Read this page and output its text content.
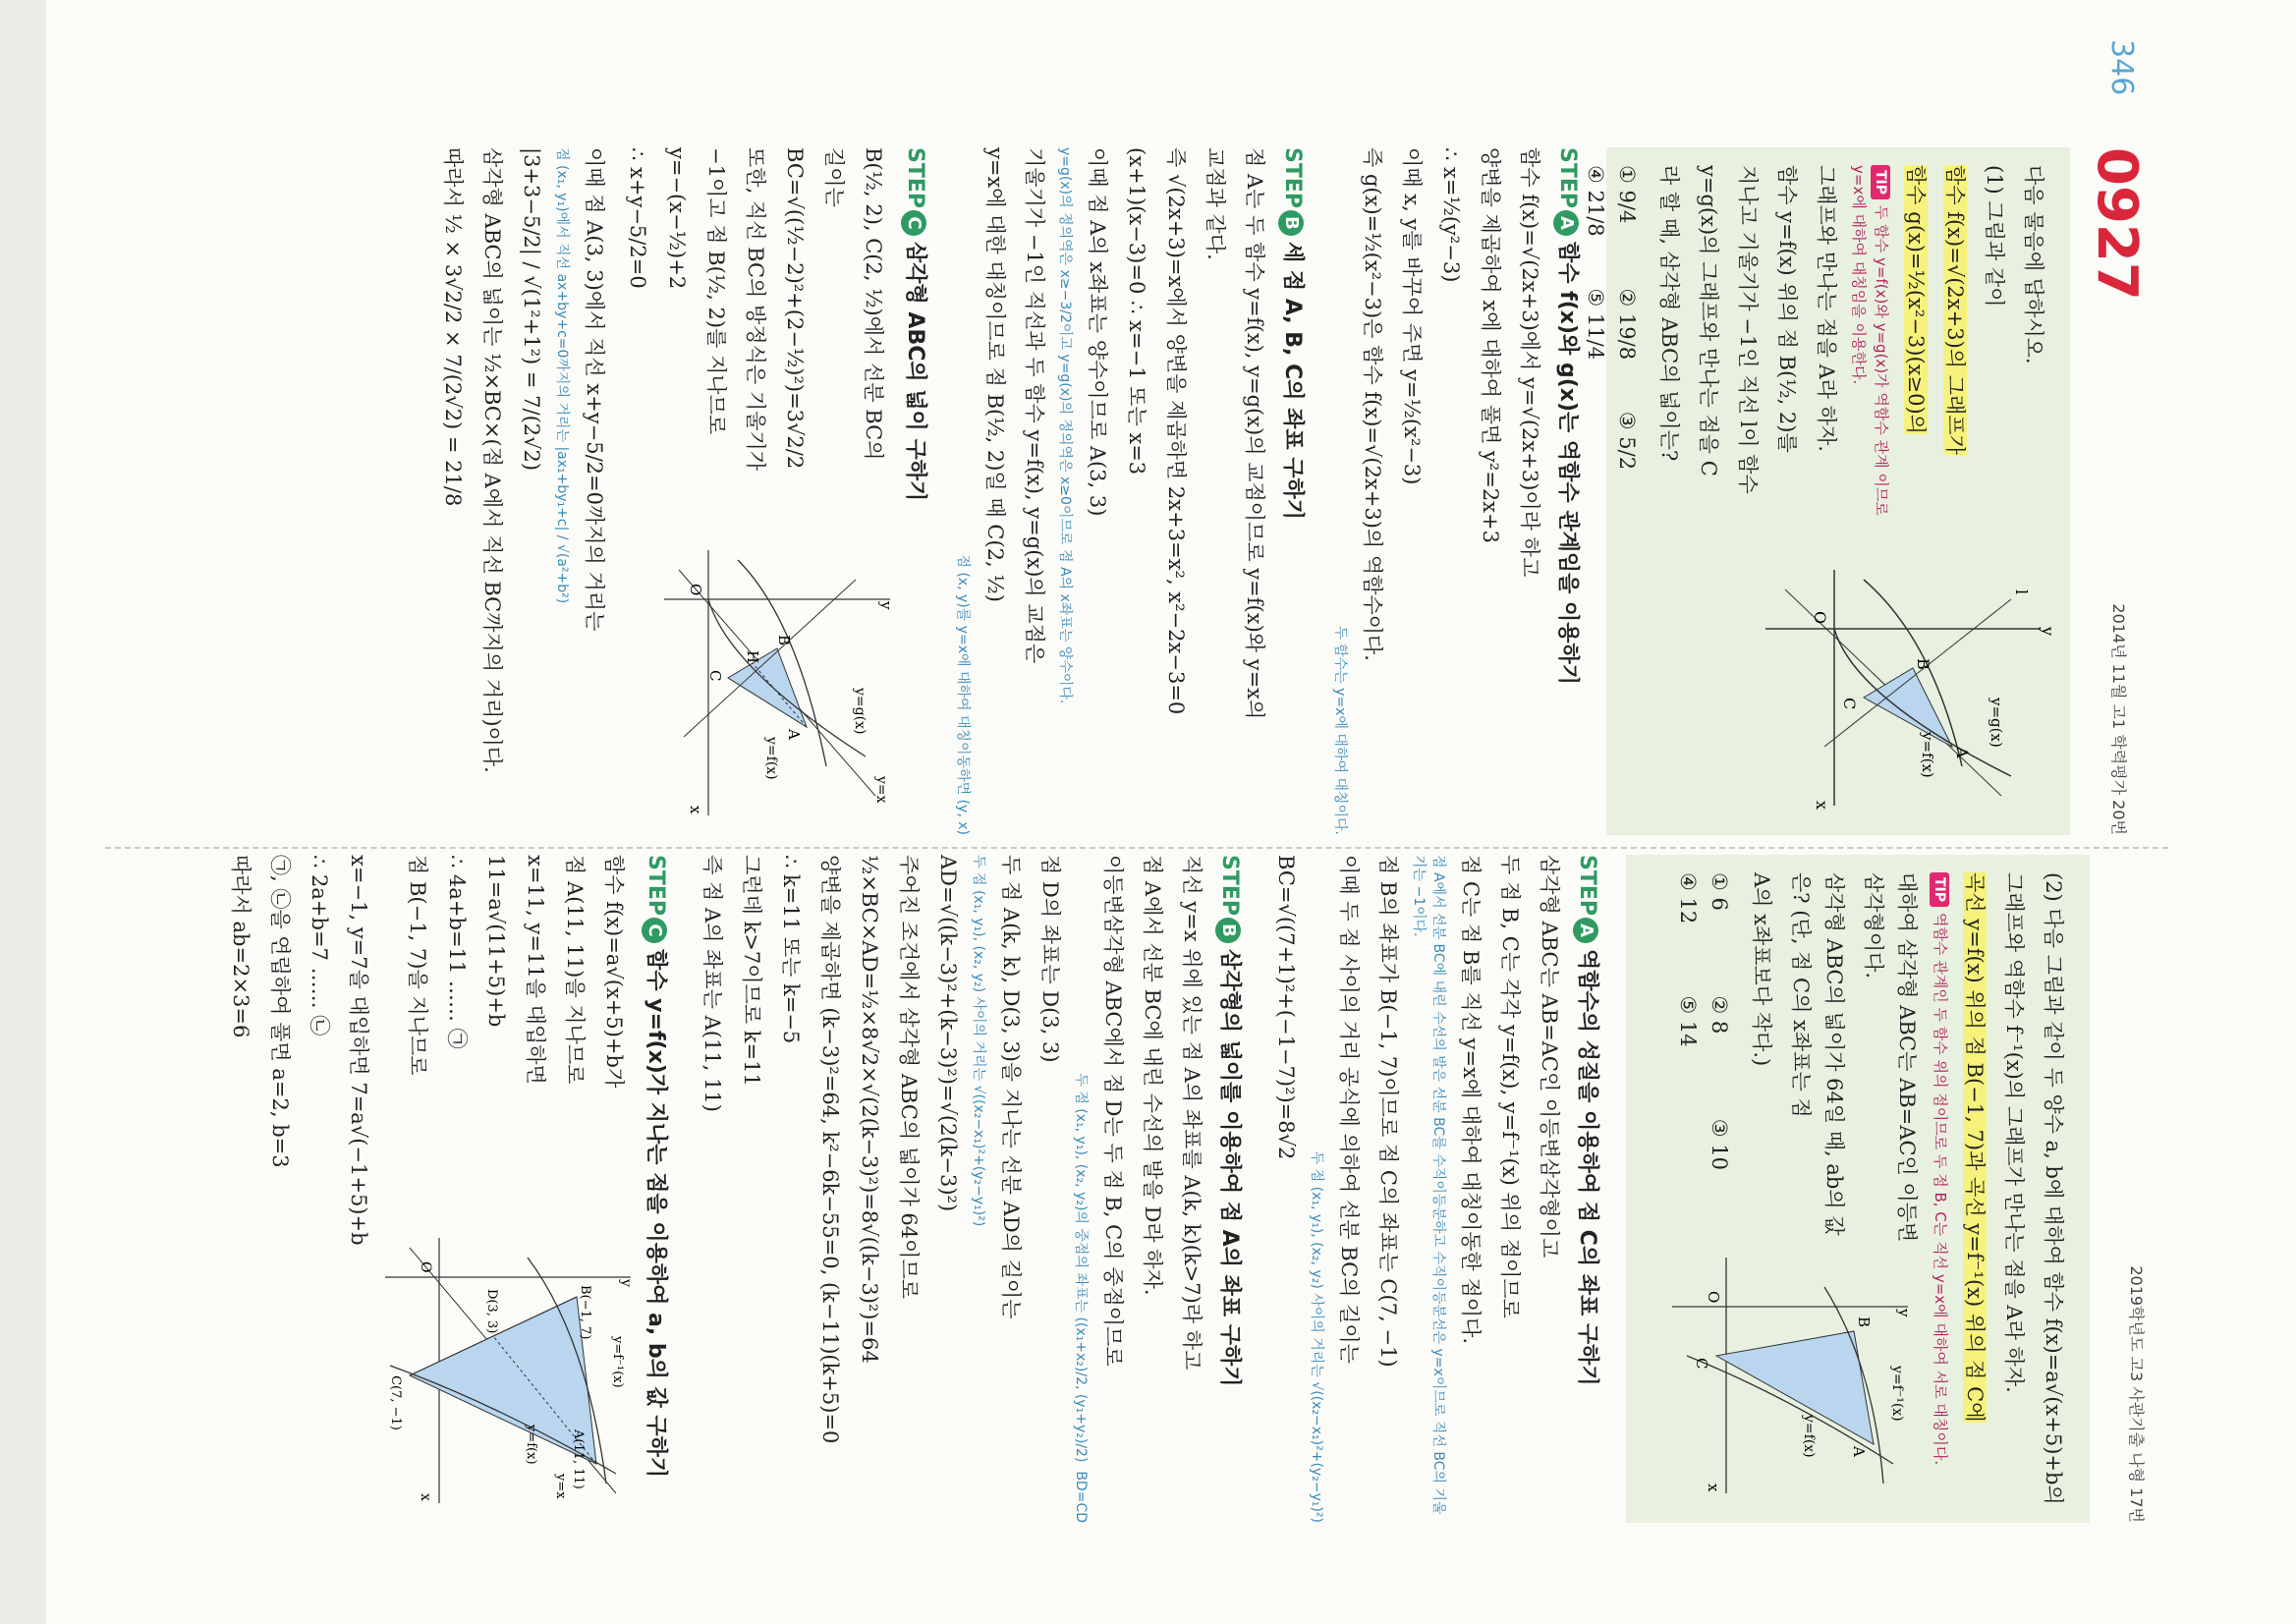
346
0927
2014년 11월 고1 학력평가 20번

다음 물음에 답하시오.

(1) 그림과 같이

함수 f(x)=√(2x+3)의 그래프가

함수 g(x)=½(x²−3)(x≥0)의

TIP두 함수 y=f(x)와 y=g(x)가 역함수 관계 이므로 y=x에 대하여 대칭임을 이용한다.

그래프와 만나는 점을 A라 하자.

함수 y=f(x) 위의 점 B(½, 2)를

지나고 기울기가 −1인 직선 l이 함수

y=g(x)의 그래프와 만나는 점을 C

라 할 때, 삼각형 ABC의 넓이는?

① 9/4
② 19/8
③ 5/2
④ 21/8
⑤ 11/4
y
x
O
l
A
B
C	y=g(x)
y=f(x)
STEPA함수 f(x)와 g(x)는 역함수 관계임을 이용하기

함수 f(x)=√(2x+3)에서 y=√(2x+3)이라 하고

양변을 제곱하여 x에 대하여 풀면 y²=2x+3

∴ x=½(y²−3)

이때 x, y를 바꾸어 주면 y=½(x²−3)

즉 g(x)=½(x²−3)은 함수 f(x)=√(2x+3)의 역함수이다.

두 함수는 y=x에 대하여 대칭이다.
STEPB세 점 A, B, C의 좌표 구하기

점 A는 두 함수 y=f(x), y=g(x)의 교점이므로 y=f(x)와 y=x의

교점과 같다.

즉 √(2x+3)=x에서 양변을 제곱하면 2x+3=x², x²−2x−3=0

(x+1)(x−3)=0 ∴ x=−1 또는 x=3

이때 점 A의 x좌표는 양수이므로 A(3, 3)

y=g(x)의 정의역은 x≥−3/2이고 y=g(x)의 정의역은 x≥0이므로 점 A의 x좌표는 양수이다.

기울기가 −1인 직선과 두 함수 y=f(x), y=g(x)의 교점은

y=x에 대한 대칭이므로 점 B(½, 2)일 때 C(2, ½)

점 (x, y)를 y=x에 대하여 대칭이동하면 (y, x)
STEPC삼각형 ABC의 넓이 구하기

B(½, 2), C(2, ½)에서 선분 BC의

길이는

BC=√((½−2)²+(2−½)²)=3√2/2

또한, 직선 BC의 방정식은 기울기가

−1이고 점 B(½, 2)를 지나므로

y=−(x−½)+2

∴ x+y−5/2=0

y
x
O
A
B
C
H
y=g(x)
y=f(x)
y=x

이때 점 A(3, 3)에서 직선 x+y−5/2=0까지의 거리는

점 (x₁, y₁)에서 직선 ax+by+c=0까지의 거리는 |ax₁+by₁+c| / √(a²+b²)

|3+3−5/2| / √(1²+1²) = 7/(2√2)

삼각형 ABC의 넓이는 ½×BC×(점 A에서 직선 BC까지의 거리)이다.

따라서 ½ × 3√2/2 × 7/(2√2) = 21/8

2019학년도 고3 사관기출 나형 17번

(2) 다음 그림과 같이 두 양수 a, b에 대하여 함수 f(x)=a√(x+5)+b의

그래프와 역함수 f⁻¹(x)의 그래프가 만나는 점을 A라 하자.

곡선 y=f(x) 위의 점 B(−1, 7)과 곡선 y=f⁻¹(x) 위의 점 C에

TIP역함수 관계인 두 함수 위의 점이므로 두 점 B, C는 직선 y=x에 대하여 서로 대칭이다.

대하여 삼각형 ABC는 AB=AC인 이등변삼각형이다.

삼각형 ABC의 넓이가 64일 때, ab의 값은? (단, 점 C의 x좌표는 점

A의 x좌표보다 작다.)

① 6
② 8
③ 10
④ 12
⑤ 14
y
x
O
A
B
C
y=f⁻¹(x)
y=f(x)
STEPA역함수의 성질을 이용하여 점 C의 좌표 구하기

삼각형 ABC는 AB=AC인 이등변삼각형이고

두 점 B, C는 각각 y=f(x), y=f⁻¹(x) 위의 점이므로

점 C는 점 B를 직선 y=x에 대하여 대칭이동한 점이다.

점 A에서 선분 BC에 내린 수선의 발은 선분 BC를 수직이등분하고 수직이등분선은 y=x이므로 직선 BC의 기울기는 −1이다.

점 B의 좌표가 B(−1, 7)이므로 점 C의 좌표는 C(7, −1)

이때 두 점 사이의 거리 공식에 의하여 선분 BC의 길이는

두 점 (x₁, y₁), (x₂, y₂) 사이의 거리는 √((x₂−x₁)²+(y₂−y₁)²)

BC=√((7+1)²+(−1−7)²)=8√2

STEPB삼각형의 넓이를 이용하여 점 A의 좌표 구하기

직선 y=x 위에 있는 점 A의 좌표를 A(k, k)(k>7)라 하고

점 A에서 선분 BC에 내린 수선의 발을 D라 하자.

이등변삼각형 ABC에서 점 D는 두 점 B, C의 중점이므로

두 점 (x₁, y₁), (x₂, y₂)의 중점의 좌표는 ((x₁+x₂)/2, (y₁+y₂)/2)  BD=CD

점 D의 좌표는 D(3, 3)

두 점 A(k, k), D(3, 3)을 지나는 선분 AD의 길이는

두 점 (x₁, y₁), (x₂, y₂) 사이의 거리는 √((x₂−x₁)²+(y₂−y₁)²)

AD=√((k−3)²+(k−3)²)=√(2(k−3)²)

주어진 조건에서 삼각형 ABC의 넓이가 64이므로

½×BC×AD=½×8√2×√(2(k−3)²)=8√((k−3)²)=64

양변을 제곱하면 (k−3)²=64, k²−6k−55=0, (k−11)(k+5)=0

∴ k=11 또는 k=−5

그런데 k>7이므로 k=11

즉 점 A의 좌표는 A(11, 11)

STEPC함수 y=f(x)가 지나는 점을 이용하여 a, b의 값 구하기

함수 f(x)=a√(x+5)+b가

점 A(11, 11)을 지나므로

x=11, y=11을 대입하면

11=a√(11+5)+b

∴ 4a+b=11 …… ㉠

점 B(−1, 7)을 지나므로

y
x
O
A(11, 11)
B(−1, 7)
C(7, −1)
D(3, 3)
y=f⁻¹(x)
y=f(x)
y=x

x=−1, y=7을 대입하면 7=a√(−1+5)+b

∴ 2a+b=7 …… ㉡

㉠, ㉡을 연립하여 풀면 a=2, b=3

따라서 ab=2×3=6
